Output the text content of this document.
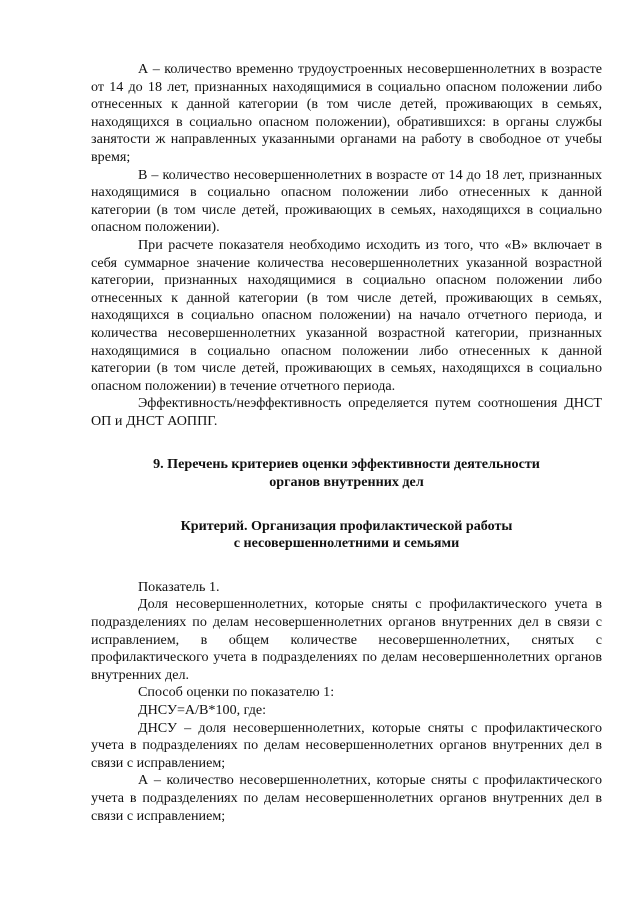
А – количество временно трудоустроенных несовершеннолетних в возрасте от 14 до 18 лет, признанных находящимися в социально опасном положении либо отнесенных к данной категории (в том числе детей, проживающих в семьях, находящихся в социально опасном положении), обратившихся: в органы службы занятости ж направленных указанными органами на работу в свободное от учебы время;

В – количество несовершеннолетних в возрасте от 14 до 18 лет, признанных находящимися в социально опасном положении либо отнесенных к данной категории (в том числе детей, проживающих в семьях, находящихся в социально опасном положении).

При расчете показателя необходимо исходить из того, что «В» включает в себя суммарное значение количества несовершеннолетних указанной возрастной категории, признанных находящимися в социально опасном положении либо отнесенных к данной категории (в том числе детей, проживающих в семьях, находящихся в социально опасном положении) на начало отчетного периода, и количества несовершеннолетних указанной возрастной категории, признанных находящимися в социально опасном положении либо отнесенных к данной категории (в том числе детей, проживающих в семьях, находящихся в социально опасном положении) в течение отчетного периода.

Эффективность/неэффективность определяется путем соотношения ДНСТ ОП и ДНСТ АОППГ.

9. Перечень критериев оценки эффективности деятельности
органов внутренних дел
Критерий. Организация профилактической работы
с несовершеннолетними и семьями

Показатель 1.

Доля несовершеннолетних, которые сняты с профилактического учета в подразделениях по делам несовершеннолетних органов внутренних дел в связи с исправлением, в общем количестве несовершеннолетних, снятых с профилактического учета в подразделениях по делам несовершеннолетних органов внутренних дел.

Способ оценки по показателю 1:

ДНСУ=А/В*100, где:

ДНСУ – доля несовершеннолетних, которые сняты с профилактического учета в подразделениях по делам несовершеннолетних органов внутренних дел в связи с исправлением;

А – количество несовершеннолетних, которые сняты с профилактического учета в подразделениях по делам несовершеннолетних органов внутренних дел в связи с исправлением;
